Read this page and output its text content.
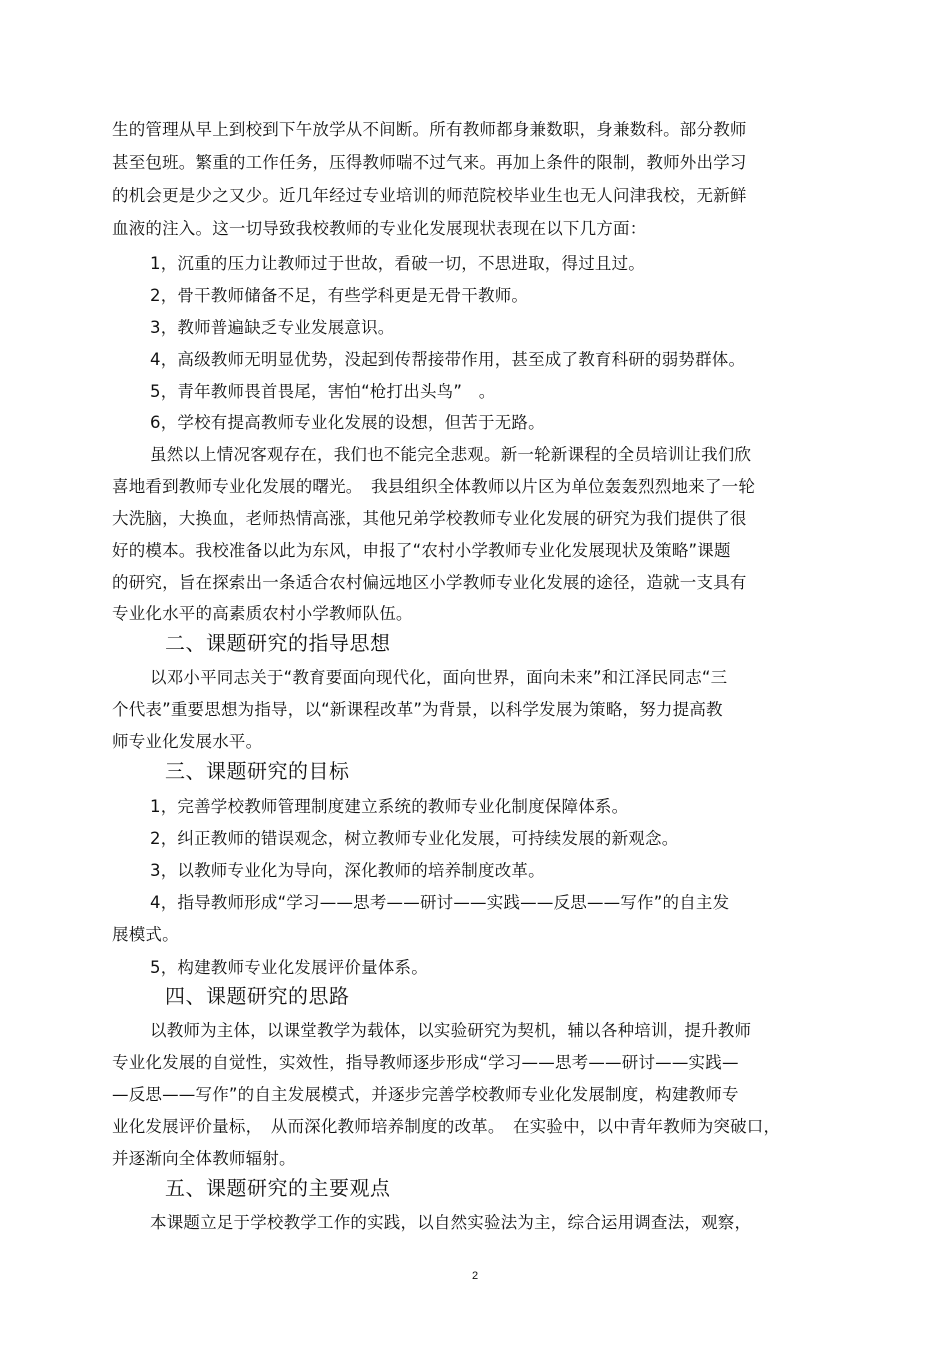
生的管理从早上到校到下午放学从不间断。所有教师都身兼数职，身兼数科。部分教师
甚至包班。繁重的工作任务，压得教师喘不过气来。再加上条件的限制，教师外出学习
的机会更是少之又少。近几年经过专业培训的师范院校毕业生也无人问津我校，无新鲜
血液的注入。这一切导致我校教师的专业化发展现状表现在以下几方面：
1，沉重的压力让教师过于世故，看破一切，不思进取，得过且过。
2，骨干教师储备不足，有些学科更是无骨干教师。
3，教师普遍缺乏专业发展意识。
4，高级教师无明显优势，没起到传帮接带作用，甚至成了教育科研的弱势群体。
5，青年教师畏首畏尾，害怕“枪打出头鸟”　。
6，学校有提高教师专业化发展的设想，但苦于无路。
虽然以上情况客观存在，我们也不能完全悲观。新一轮新课程的全员培训让我们欣
喜地看到教师专业化发展的曙光。　我县组织全体教师以片区为单位轰轰烈烈地来了一轮
大洗脑，大换血，老师热情高涨，其他兄弟学校教师专业化发展的研究为我们提供了很
好的模本。我校准备以此为东风，申报了“农村小学教师专业化发展现状及策略”课题
的研究，旨在探索出一条适合农村偏远地区小学教师专业化发展的途径，造就一支具有
专业化水平的高素质农村小学教师队伍。
二、课题研究的指导思想
以邓小平同志关于“教育要面向现代化，面向世界，面向未来”和江泽民同志“三
个代表”重要思想为指导，以“新课程改革”为背景，以科学发展为策略，努力提高教
师专业化发展水平。
三、课题研究的目标
1，完善学校教师管理制度建立系统的教师专业化制度保障体系。
2，纠正教师的错误观念，树立教师专业化发展，可持续发展的新观念。
3，以教师专业化为导向，深化教师的培养制度改革。
4，指导教师形成“学习——思考——研讨——实践——反思——写作”的自主发
展模式。
5，构建教师专业化发展评价量体系。
四、课题研究的思路
以教师为主体，以课堂教学为载体，以实验研究为契机，辅以各种培训，提升教师
专业化发展的自觉性，实效性，指导教师逐步形成“学习——思考——研讨——实践—
—反思——写作”的自主发展模式，并逐步完善学校教师专业化发展制度，构建教师专
业化发展评价量标，　从而深化教师培养制度的改革。　在实验中，以中青年教师为突破口，
并逐渐向全体教师辐射。
五、课题研究的主要观点
本课题立足于学校教学工作的实践，以自然实验法为主，综合运用调查法，观察，
2
